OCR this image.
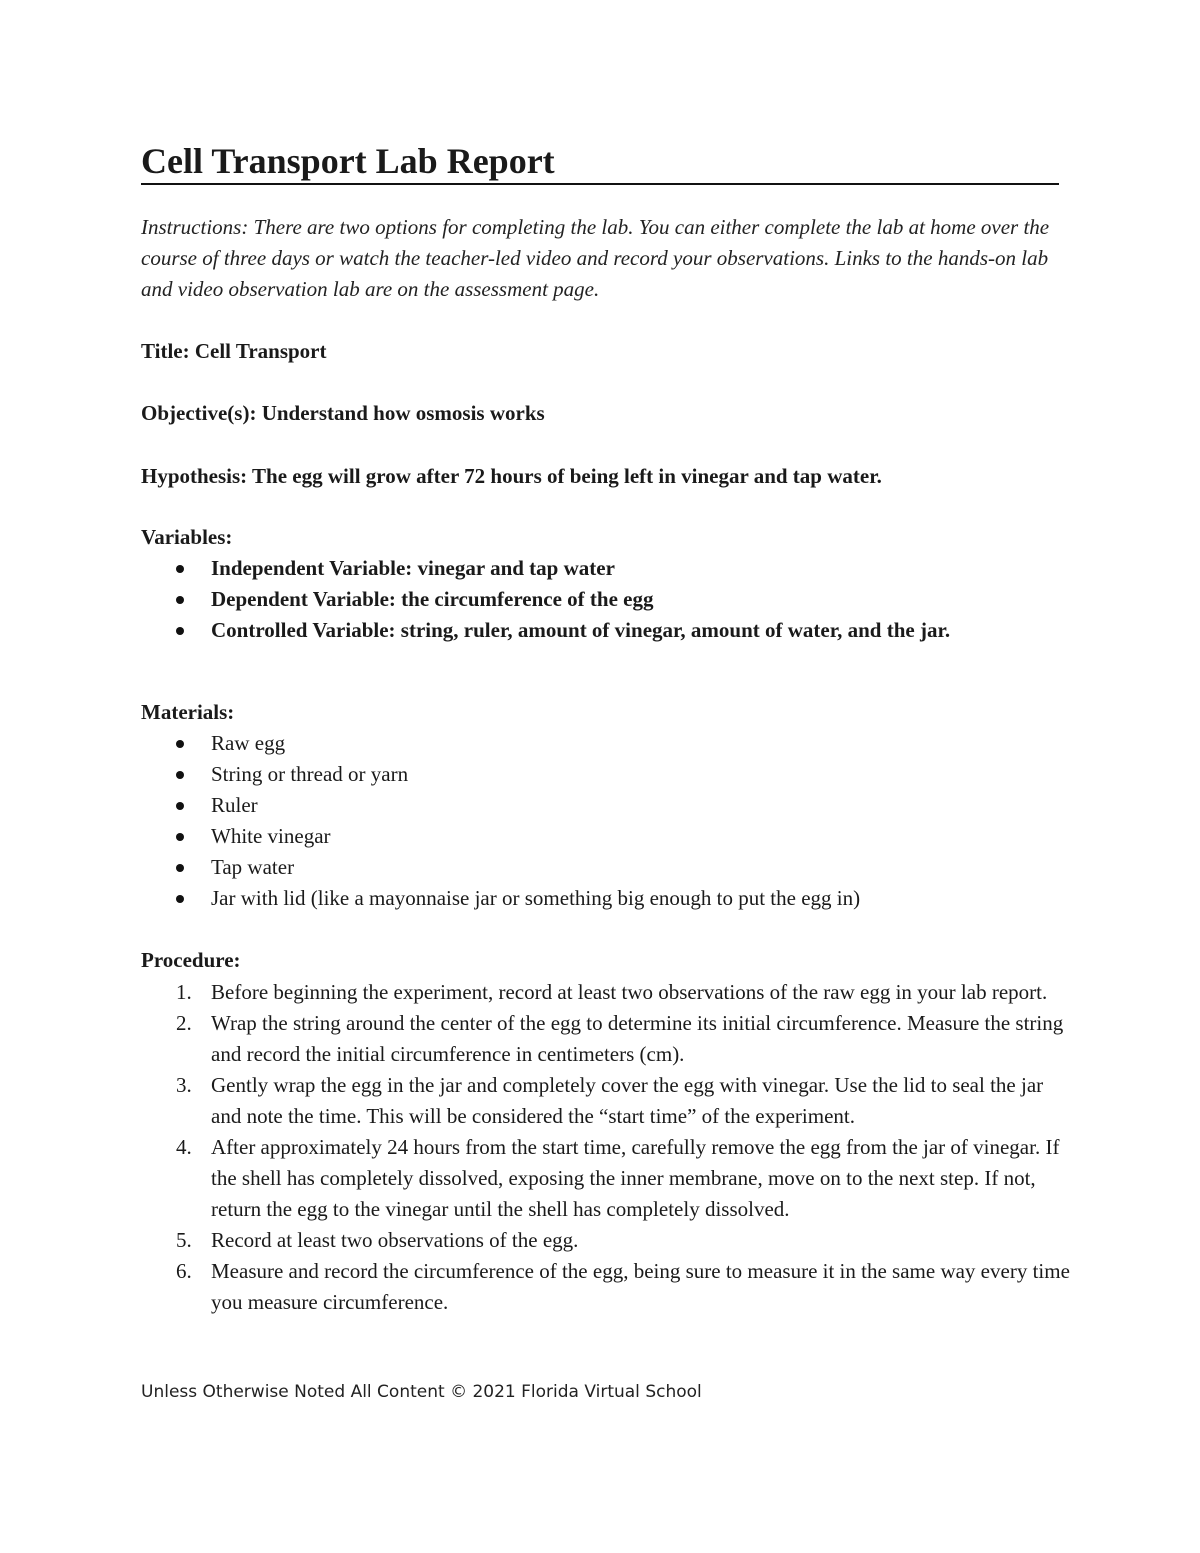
Cell Transport Lab Report
Instructions: There are two options for completing the lab. You can either complete the lab at home over the course of three days or watch the teacher-led video and record your observations. Links to the hands-on lab and video observation lab are on the assessment page.
Title: Cell Transport
Objective(s): Understand how osmosis works
Hypothesis: The egg will grow after 72 hours of being left in vinegar and tap water.
Variables:
Independent Variable: vinegar and tap water
Dependent Variable: the circumference of the egg
Controlled Variable: string, ruler, amount of vinegar, amount of water, and the jar.
Materials:
Raw egg
String or thread or yarn
Ruler
White vinegar
Tap water
Jar with lid (like a mayonnaise jar or something big enough to put the egg in)
Procedure:
1. Before beginning the experiment, record at least two observations of the raw egg in your lab report.
2. Wrap the string around the center of the egg to determine its initial circumference. Measure the string and record the initial circumference in centimeters (cm).
3. Gently wrap the egg in the jar and completely cover the egg with vinegar. Use the lid to seal the jar and note the time. This will be considered the “start time” of the experiment.
4. After approximately 24 hours from the start time, carefully remove the egg from the jar of vinegar. If the shell has completely dissolved, exposing the inner membrane, move on to the next step. If not, return the egg to the vinegar until the shell has completely dissolved.
5. Record at least two observations of the egg.
6. Measure and record the circumference of the egg, being sure to measure it in the same way every time you measure circumference.
Unless Otherwise Noted All Content © 2021 Florida Virtual School
